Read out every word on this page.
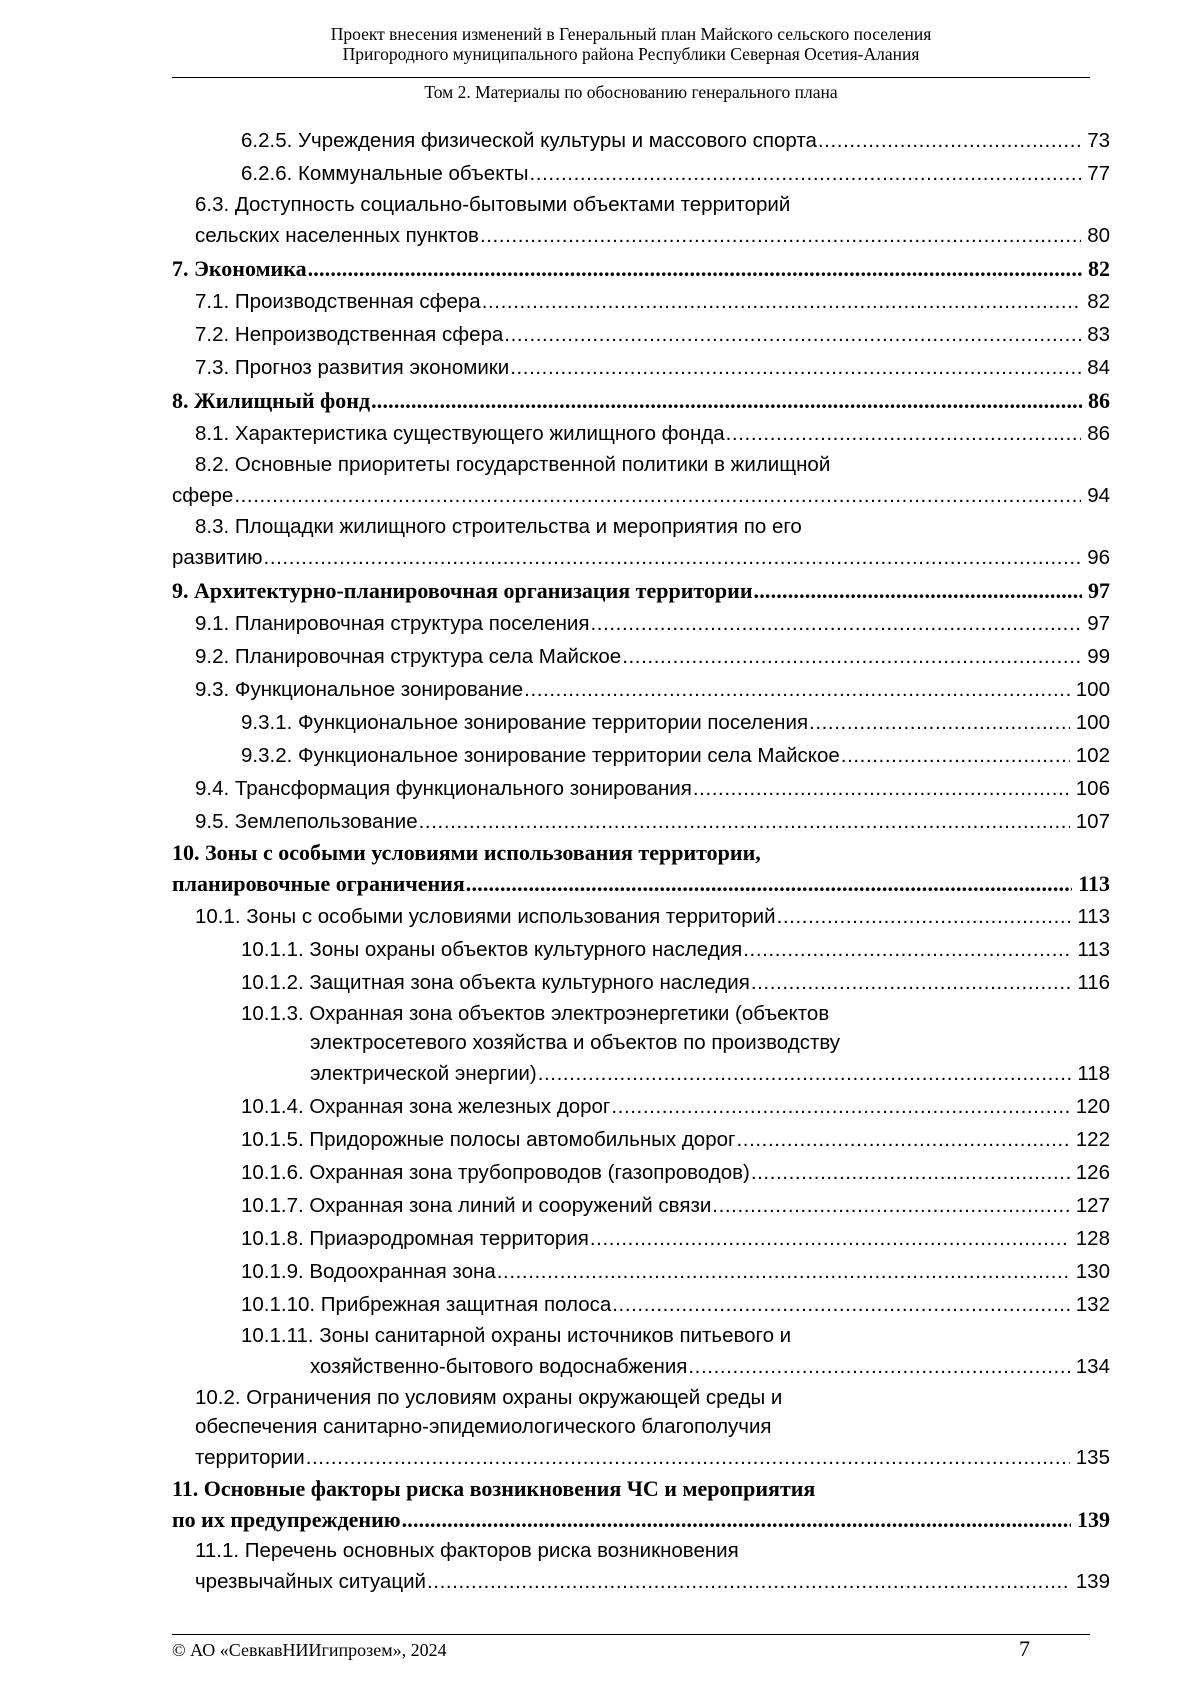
Проект внесения изменений в Генеральный план Майского сельского поселения
Пригородного муниципального района Республики Северная Осетия-Алания
Том 2. Материалы по обоснованию генерального плана
6.2.5. Учреждения физической культуры и массового спорта .....	73
6.2.6. Коммунальные объекты .....	77
6.3. Доступность социально-бытовыми объектами территорий
сельских населенных пунктов .....	80
7. Экономика .....	82
7.1. Производственная сфера .....	82
7.2. Непроизводственная сфера .....	83
7.3. Прогноз развития экономики .....	84
8. Жилищный фонд .....	86
8.1. Характеристика существующего жилищного фонда .....	86
8.2. Основные приоритеты государственной политики в жилищной
сфере .....	94
8.3. Площадки жилищного строительства и мероприятия по его
развитию .....	96
9. Архитектурно-планировочная организация территории .....	97
9.1. Планировочная структура поселения .....	97
9.2. Планировочная структура села Майское .....	99
9.3. Функциональное зонирование .....	100
9.3.1. Функциональное зонирование территории поселения .....	100
9.3.2. Функциональное зонирование территории села Майское .....	102
9.4. Трансформация функционального зонирования .....	106
9.5. Землепользование .....	107
10. Зоны с особыми условиями использования территории,
планировочные ограничения .....	113
10.1. Зоны с особыми условиями использования территорий .....	113
10.1.1. Зоны охраны объектов культурного наследия .....	113
10.1.2. Защитная зона объекта культурного наследия .....	116
10.1.3. Охранная зона объектов электроэнергетики (объектов
электросетевого хозяйства и объектов по производству
электрической энергии) .....	118
10.1.4. Охранная зона железных дорог .....	120
10.1.5. Придорожные полосы автомобильных дорог .....	122
10.1.6. Охранная зона трубопроводов (газопроводов) .....	126
10.1.7. Охранная зона линий и сооружений связи .....	127
10.1.8. Приаэродромная территория .....	128
10.1.9. Водоохранная зона .....	130
10.1.10. Прибрежная защитная полоса .....	132
10.1.11. Зоны санитарной охраны источников питьевого и
хозяйственно-бытового водоснабжения .....	134
10.2. Ограничения по условиям охраны окружающей среды и
обеспечения санитарно-эпидемиологического благополучия
территории .....	135
11. Основные факторы риска возникновения ЧС и мероприятия
по их предупреждению .....	139
11.1. Перечень основных факторов риска возникновения
чрезвычайных ситуаций .....	139
© АО «СевкавНИИгипрозем», 2024	7
